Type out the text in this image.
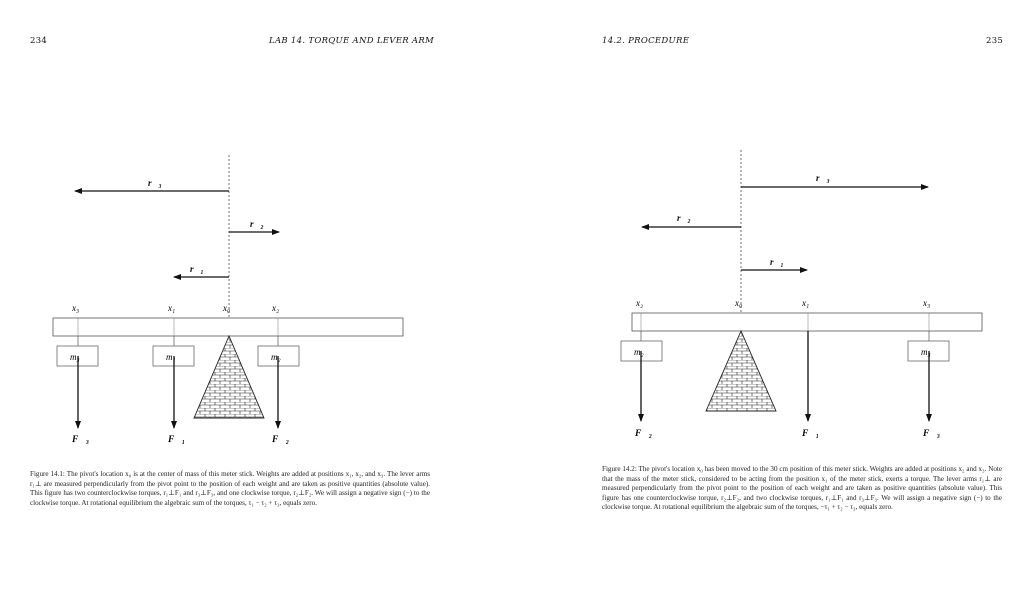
234	LAB 14. TORQUE AND LEVER ARM
r⃗₃
r⃗₂
r⃗₁
x₃	x₁	x₀	x₂
m₃	m₁	m₂
F⃗₃	F⃗₁	F⃗₂
Figure 14.1: The pivot's location x₀ is at the center of mass of this meter stick. Weights are added at positions x₁, x₂, and x₃. The lever arms r₁⊥ are measured perpendicularly from the pivot point to the position of each weight and are taken as positive quantities (absolute value). This figure has two counterclockwise torques, r₁⊥F₁ and r₃⊥F₃, and one clockwise torque, r₂⊥F₂. We will assign a negative sign (−) to the clockwise torque. At rotational equilibrium the algebraic sum of the torques, τ₁ − τ₂ + τ₃, equals zero.
14.2. PROCEDURE	235
r⃗₃
r⃗₂
r⃗₁
x₂	x₀	x₁	x₃
m₂	m₃
F⃗₂	F⃗₁	F⃗₃
Figure 14.2: The pivot's location x₀ has been moved to the 30 cm position of this meter stick. Weights are added at positions x₂ and x₃. Note that the mass of the meter stick, considered to be acting from the position x₁ of the meter stick, exerts a torque. The lever arms r₁⊥ are measured perpendicularly from the pivot point to the position of each weight and are taken as positive quantities (absolute value). This figure has one counterclockwise torque, r₂⊥F₂, and two clockwise torques, r₁⊥F₁ and r₃⊥F₃. We will assign a negative sign (−) to the clockwise torque. At rotational equilibrium the algebraic sum of the torques, −τ₁ + τ₂ − τ₃, equals zero.
